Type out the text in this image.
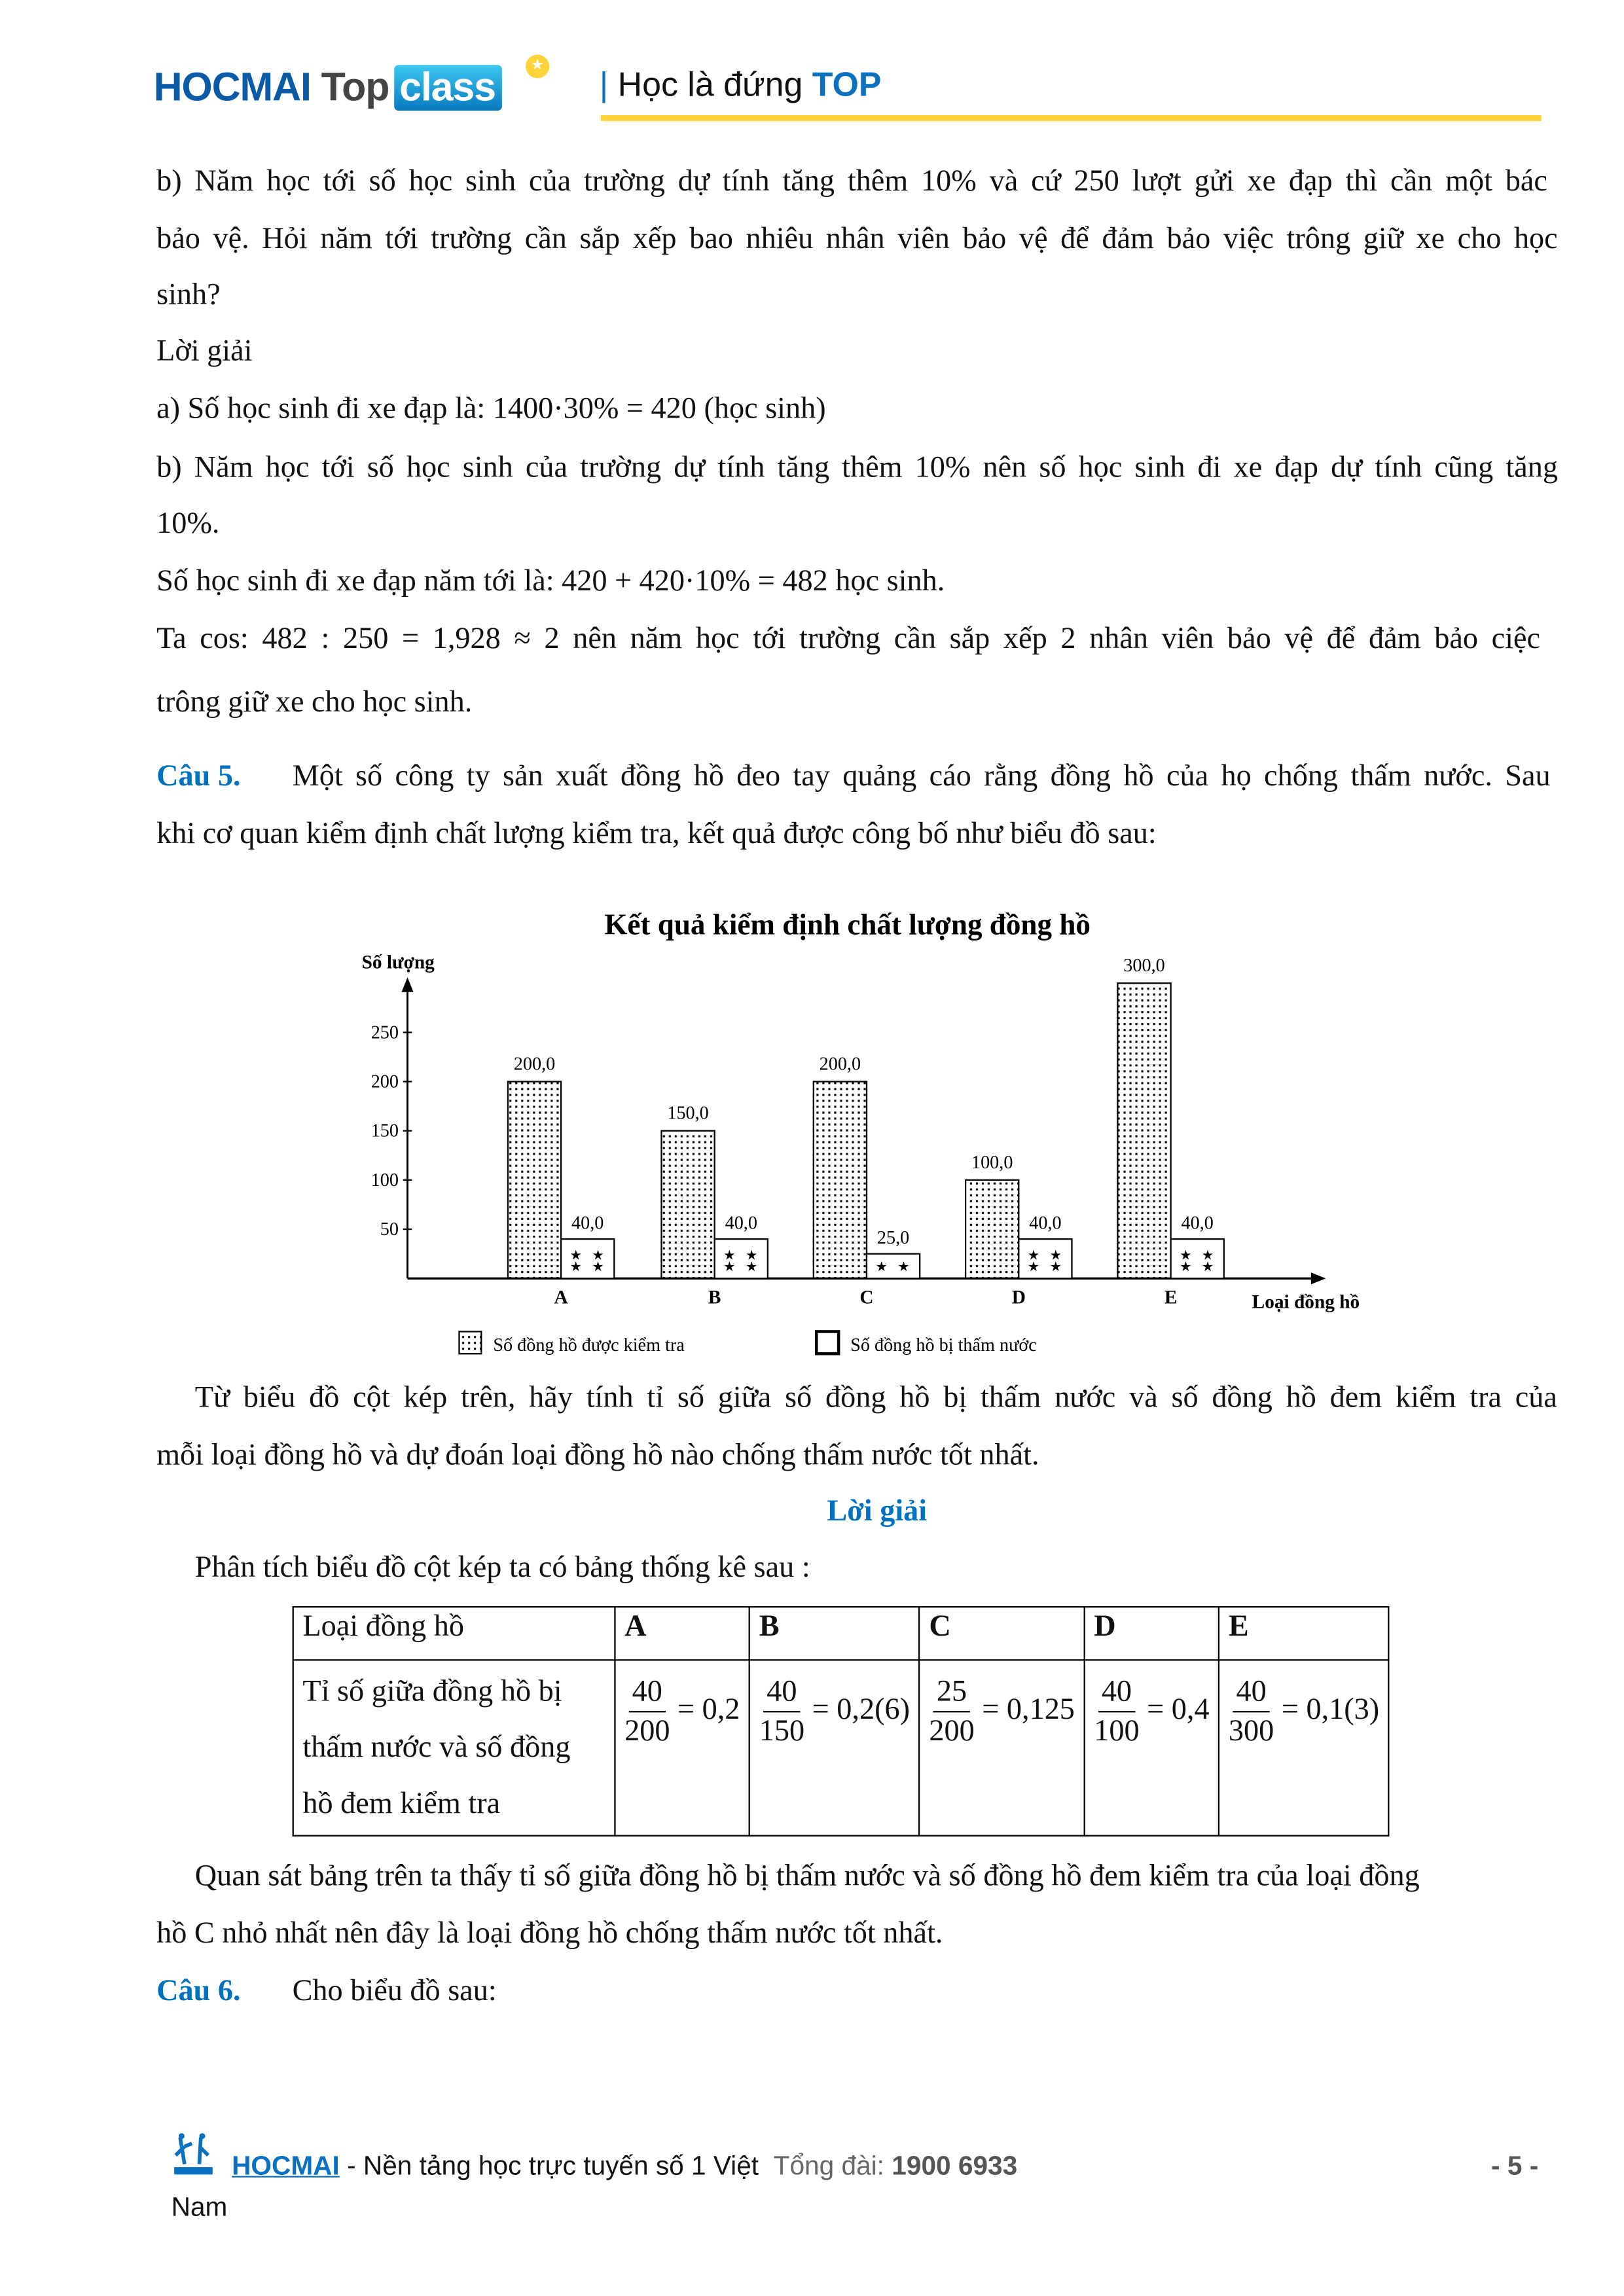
HOCMAI Top class	★	| Học là đứng TOP
b) Năm học tới số học sinh của trường dự tính tăng thêm 10% và cứ 250 lượt gửi xe đạp thì cần một bác
bảo vệ. Hỏi năm tới trường cần sắp xếp bao nhiêu nhân viên bảo vệ để đảm bảo việc trông giữ xe cho học
sinh?
Lời giải
a) Số học sinh đi xe đạp là: 1400·30% = 420 (học sinh)
b) Năm học tới số học sinh của trường dự tính tăng thêm 10% nên số học sinh đi xe đạp dự tính cũng tăng
10%.
Số học sinh đi xe đạp năm tới là: 420 + 420·10% = 482 học sinh.
Ta cos: 482 : 250 = 1,928 ≈ 2 nên năm học tới trường cần sắp xếp 2 nhân viên bảo vệ để đảm bảo ciệc
trông giữ xe cho học sinh.
Câu 5.	Một số công ty sản xuất đồng hồ đeo tay quảng cáo rằng đồng hồ của họ chống thấm nước. Sau
khi cơ quan kiểm định chất lượng kiểm tra, kết quả được công bố như biểu đồ sau:
Kết quả kiểm định chất lượng đồng hồ
Số lượng
Loại đồng hồ
50
100
150
200
250
★ ★
★ ★
200,0
40,0
A
★ ★
★ ★
150,0
40,0
B
★ ★
200,0
25,0
C
★ ★
★ ★
100,0
40,0
D
★ ★
★ ★
300,0
40,0
E
Số đồng hồ được kiểm tra	Số đồng hồ bị thấm nước
Từ biểu đồ cột kép trên, hãy tính tỉ số giữa số đồng hồ bị thấm nước và số đồng hồ đem kiểm tra của
mỗi loại đồng hồ và dự đoán loại đồng hồ nào chống thấm nước tốt nhất.
Lời giải
Phân tích biểu đồ cột kép ta có bảng thống kê sau :
Loại đồng hồ	A	B	C	D	E
Tỉ số giữa đồng hồ bị thấm nước và số đồng hồ đem kiểm tra	$\frac{40}{200} = 0,2$	$\frac{40}{150} = 0,2(6)$	$\frac{25}{200} = 0,125$	$\frac{40}{100} = 0,4$	$\frac{40}{300} = 0,1(3)$
Quan sát bảng trên ta thấy tỉ số giữa đồng hồ bị thấm nước và số đồng hồ đem kiểm tra của loại đồng
hồ C nhỏ nhất nên đây là loại đồng hồ chống thấm nước tốt nhất.
Câu 6.	Cho biểu đồ sau:
HOCMAI - Nền tảng học trực tuyến số 1 Việt Tổng đài: 1900 6933
Nam
- 5 -
